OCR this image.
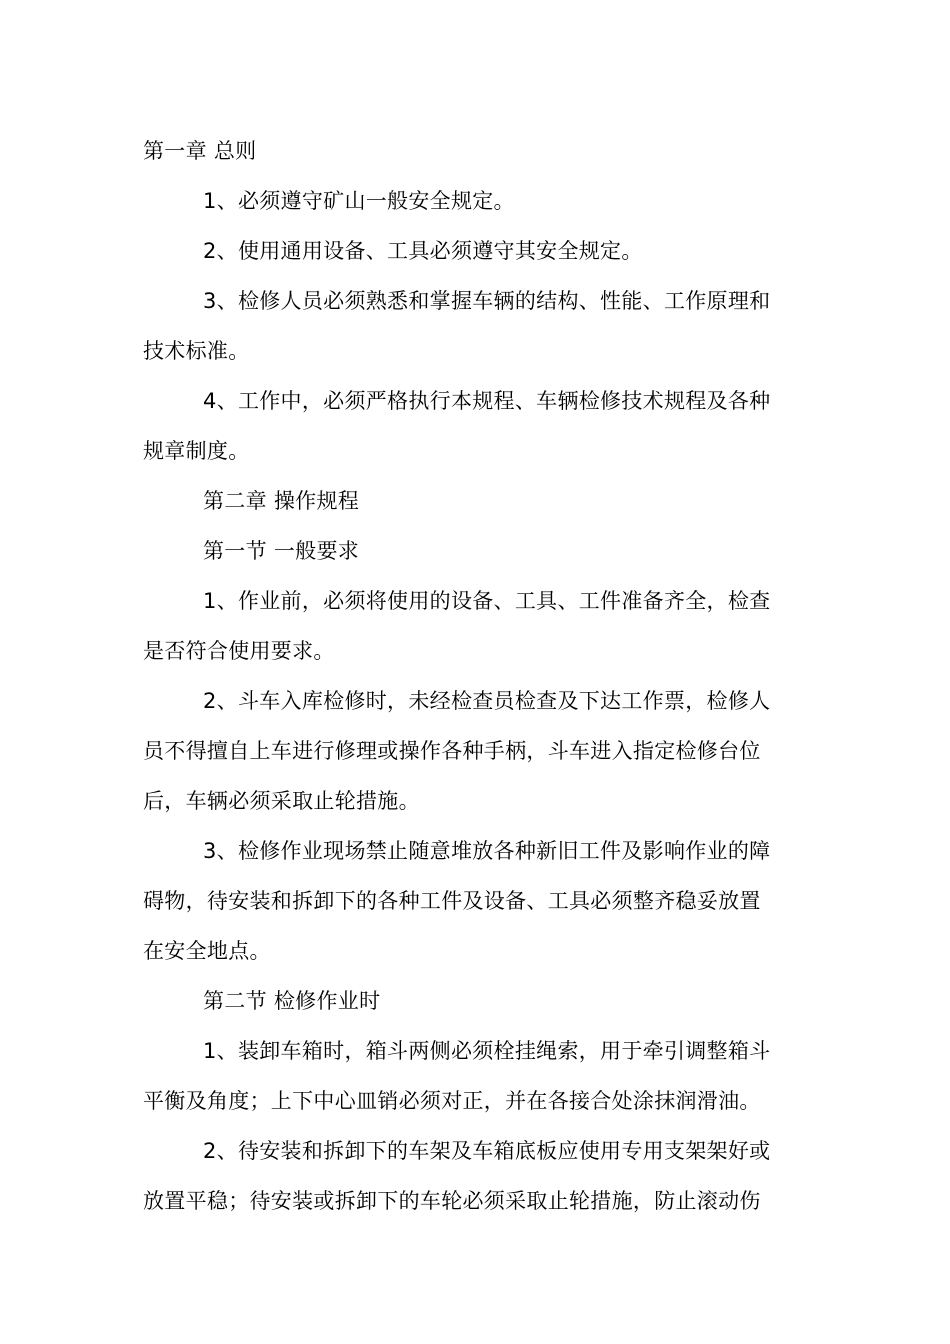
第一章 总则
1、必须遵守矿山一般安全规定。
2、使用通用设备、工具必须遵守其安全规定。
3、检修人员必须熟悉和掌握车辆的结构、性能、工作原理和
技术标准。
4、工作中，必须严格执行本规程、车辆检修技术规程及各种
规章制度。
第二章 操作规程
第一节 一般要求
1、作业前，必须将使用的设备、工具、工件准备齐全，检查
是否符合使用要求。
2、斗车入库检修时，未经检查员检查及下达工作票，检修人
员不得擅自上车进行修理或操作各种手柄，斗车进入指定检修台位
后，车辆必须采取止轮措施。
3、检修作业现场禁止随意堆放各种新旧工件及影响作业的障
碍物，待安装和拆卸下的各种工件及设备、工具必须整齐稳妥放置
在安全地点。
第二节 检修作业时
1、装卸车箱时，箱斗两侧必须栓挂绳索，用于牵引调整箱斗
平衡及角度；上下中心皿销必须对正，并在各接合处涂抹润滑油。
2、待安装和拆卸下的车架及车箱底板应使用专用支架架好或
放置平稳；待安装或拆卸下的车轮必须采取止轮措施，防止滚动伤
